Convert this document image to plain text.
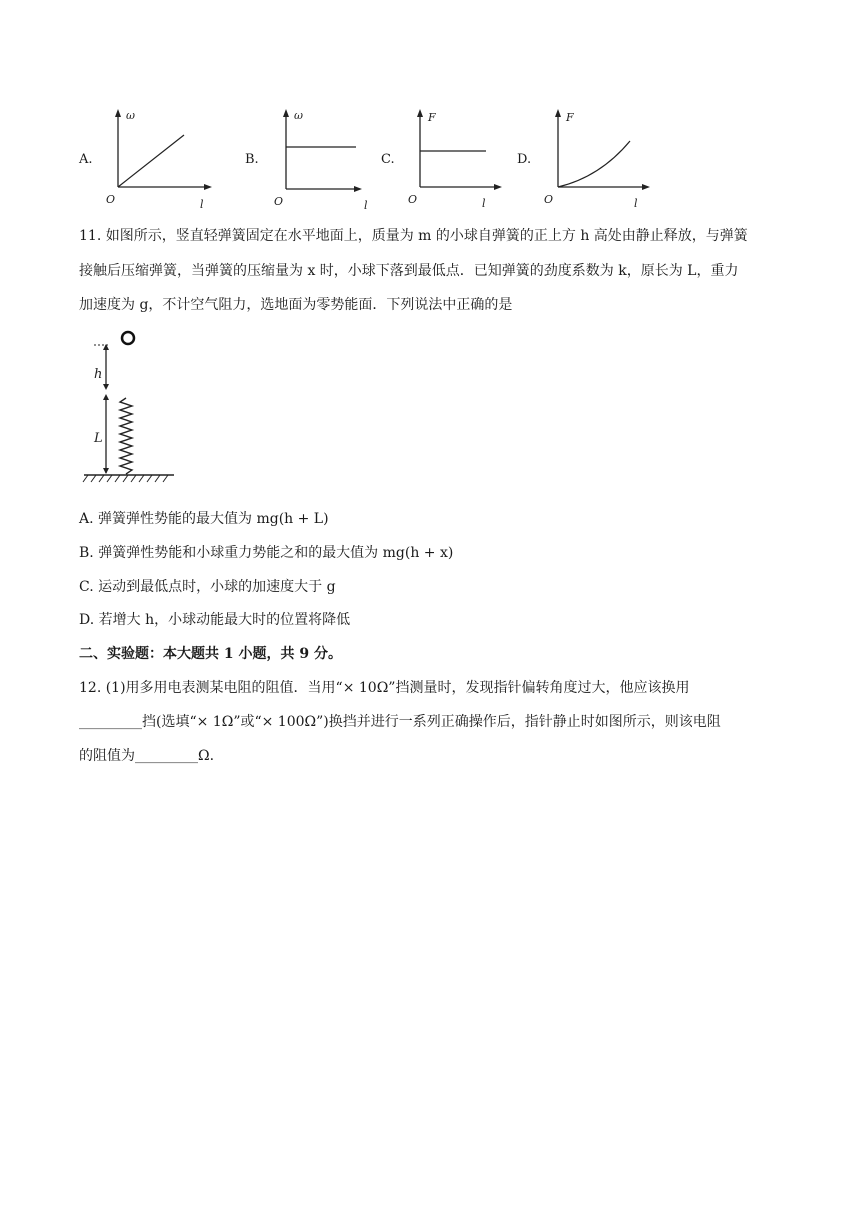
A.	B.	C.	D.
ω
O	l
ω
O	l
F
O	l
F
O	l
11. 如图所示，竖直轻弹簧固定在水平地面上，质量为 m 的小球自弹簧的正上方 h 高处由静止释放，与弹簧
接触后压缩弹簧，当弹簧的压缩量为 x 时，小球下落到最低点．已知弹簧的劲度系数为 k，原长为 L，重力
加速度为 g，不计空气阻力，选地面为零势能面．下列说法中正确的是
h
L
A. 弹簧弹性势能的最大值为 mg(h + L)
B. 弹簧弹性势能和小球重力势能之和的最大值为 mg(h + x)
C. 运动到最低点时，小球的加速度大于 g
D. 若增大 h，小球动能最大时的位置将降低
二、实验题：本大题共 1 小题，共 9 分。
12. (1)用多用电表测某电阻的阻值．当用“× 10Ω”挡测量时，发现指针偏转角度过大，他应该换用
_________挡(选填“× 1Ω”或“× 100Ω”)换挡并进行一系列正确操作后，指针静止时如图所示，则该电阻
的阻值为_________Ω.
